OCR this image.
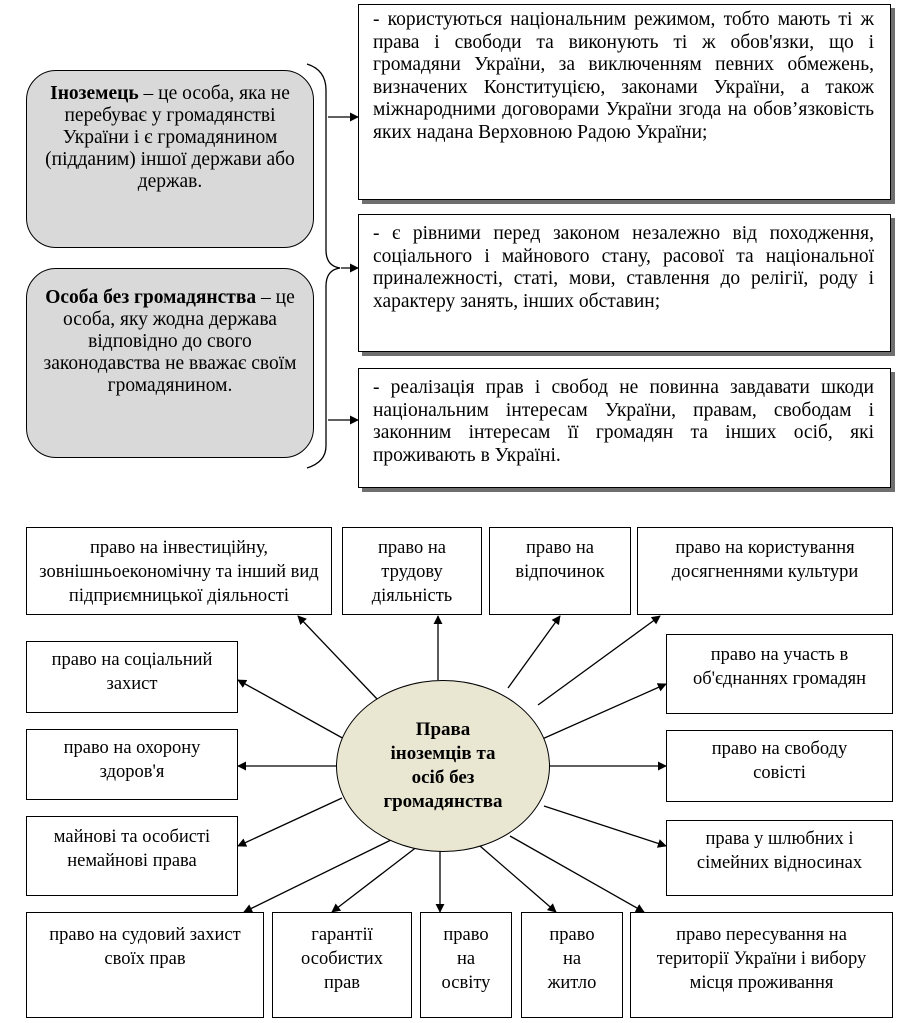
Іноземець – це особа, яка не перебуває у громадянстві України і є громадянином (підданим) іншої держави або держав.
Особа без громадянства – це особа, яку жодна держава відповідно до свого законодавства не вважає своїм громадянином.

- користуються національним режимом, тобто мають ті ж права і свободи та виконують ті ж обов'язки, що і громадяни України, за виключенням певних обмежень, визначених Конституцією, законами України, а також міжнародними договорами України згода на обов’язковість яких надана Верховною Радою України;

- є рівними перед законом незалежно від походження, соціального і майнового стану, расової та національної приналежності, статі, мови, ставлення до релігії, роду і характеру занять, інших обставин;

- реалізація прав і свобод не повинна завдавати шкоди національним інтересам України, правам, свободам і законним інтересам її громадян та інших осіб, які проживають в Україні.

Права іноземців та осіб без громадянства
право на інвестиційну, зовнішньоекономічну та інший вид підприємницької діяльності
право на трудову діяльність
право на відпочинок
право на користування досягненнями культури
право на соціальний захист
право на охорону здоров'я
майнові та особисті немайнові права
право на участь в об'єднаннях громадян
право на свободу совісті
права у шлюбних і сімейних відносинах
право на судовий захист своїх прав
гарантії особистих прав
право на освіту
право на житло
право пересування на території України і вибору місця проживання
